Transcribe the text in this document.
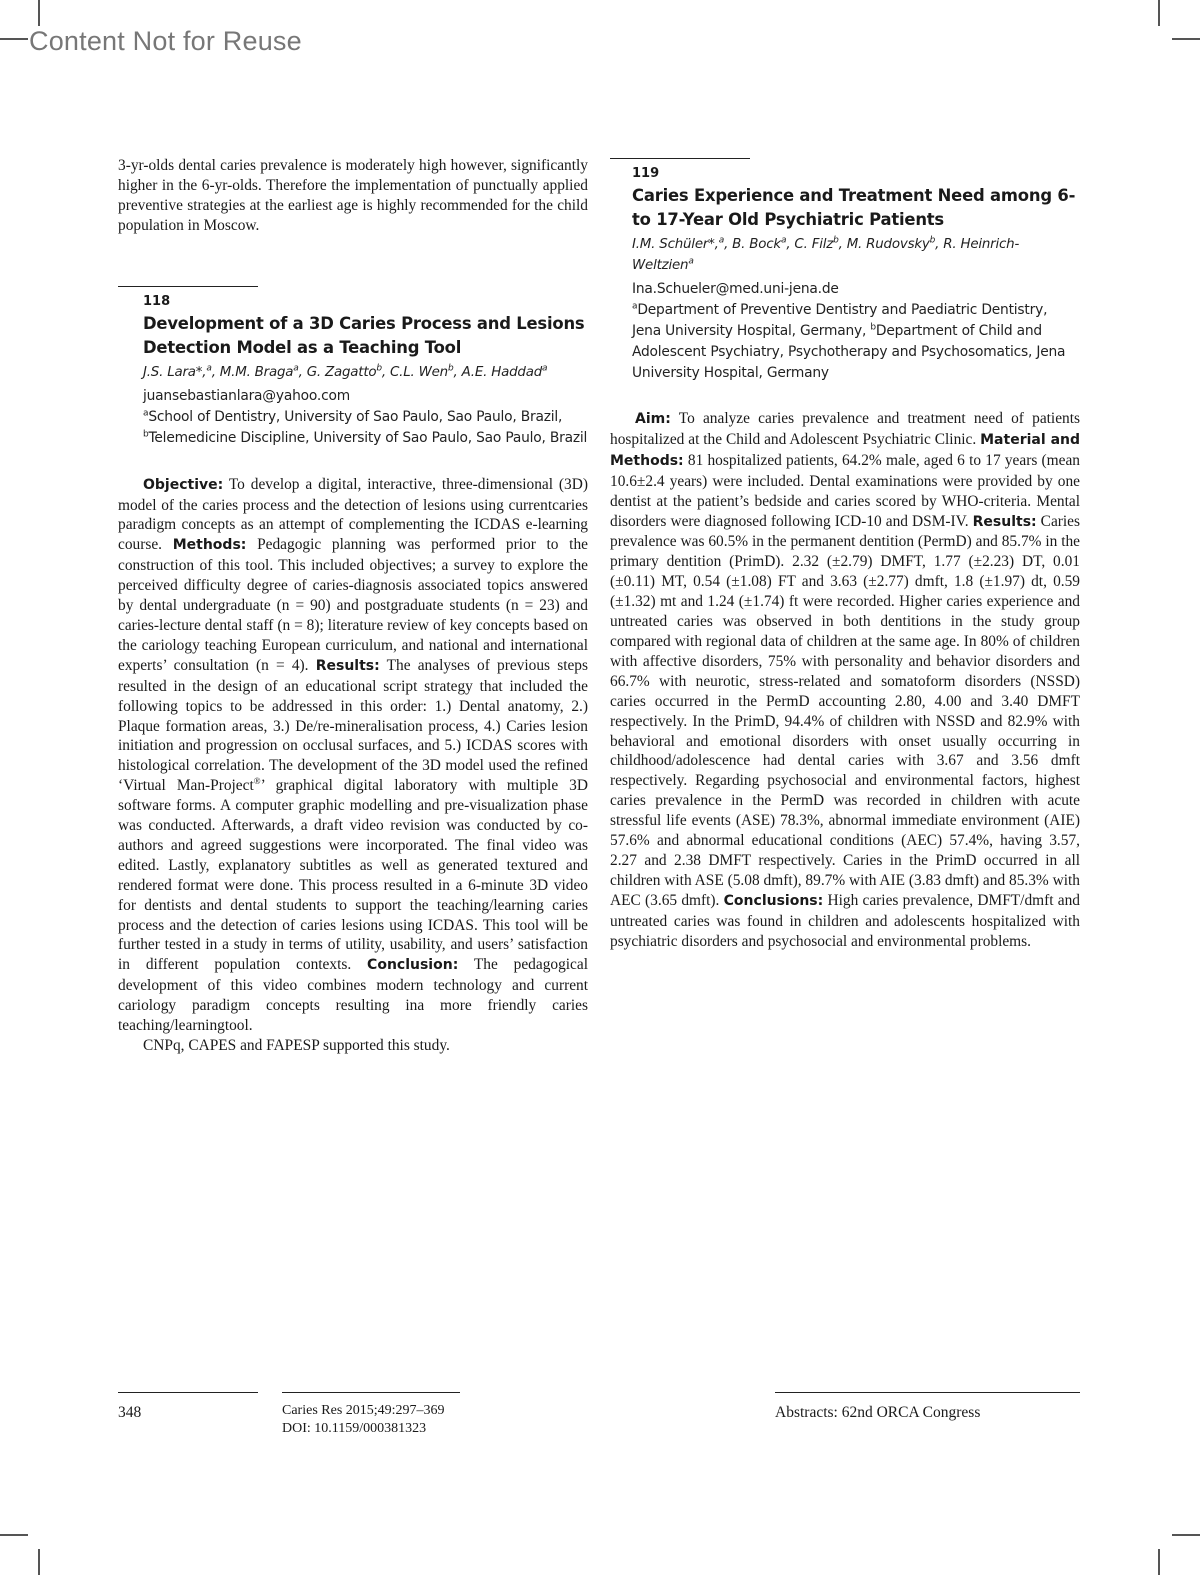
Content Not for Reuse

3-yr-olds dental caries prevalence is moderately high however, significantly higher in the 6-yr-olds. Therefore the implementation of punctually applied preventive strategies at the earliest age is highly recommended for the child population in Moscow.

118

Development of a 3D Caries Process and Lesions Detection Model as a Teaching Tool

J.S. Lara*,$^a$, M.M. Braga$^a$, G. Zagatto$^b$, C.L. Wen$^b$, A.E. Haddad$^a$

juansebastianlara@yahoo.com

$^a$School of Dentistry, University of Sao Paulo, Sao Paulo, Brazil,
$^b$Telemedicine Discipline, University of Sao Paulo, Sao Paulo, Brazil

Objective: To develop a digital, interactive, three-dimensional (3D) model of the caries process and the detection of lesions using currentcaries paradigm concepts as an attempt of complementing the ICDAS e-learning course. Methods: Pedagogic planning was performed prior to the construction of this tool. This included objectives; a survey to explore the perceived difficulty degree of caries-diagnosis associated topics answered by dental undergraduate (n = 90) and postgraduate students (n = 23) and caries-lecture dental staff (n = 8); literature review of key concepts based on the cariology teaching European curriculum, and national and international experts’ consultation (n = 4). Results: The analyses of previous steps resulted in the design of an educational script strategy that included the following topics to be addressed in this order: 1.) Dental anatomy, 2.) Plaque formation areas, 3.) De/re-mineralisation process, 4.) Caries lesion initiation and progression on occlusal surfaces, and 5.) ICDAS scores with histological correlation. The development of the 3D model used the refined ‘Virtual Man-Project®’ graphical digital laboratory with multiple 3D software forms. A computer graphic modelling and pre-visualization phase was conducted. Afterwards, a draft video revision was conducted by co-authors and agreed suggestions were incorporated. The final video was edited. Lastly, explanatory subtitles as well as generated textured and rendered format were done. This process resulted in a 6-minute 3D video for dentists and dental students to support the teaching/learning caries process and the detection of caries lesions using ICDAS. This tool will be further tested in a study in terms of utility, usability, and users’ satisfaction in different population contexts. Conclusion: The pedagogical development of this video combines modern technology and current cariology paradigm concepts resulting ina more friendly caries teaching/learningtool.

CNPq, CAPES and FAPESP supported this study.

119

Caries Experience and Treatment Need among 6- to 17-Year Old Psychiatric Patients

I.M. Schüler*,$^a$, B. Bock$^a$, C. Filz$^b$, M. Rudovsky$^b$, R. Heinrich-Weltzien$^a$

Ina.Schueler@med.uni-jena.de

$^a$Department of Preventive Dentistry and Paediatric Dentistry, Jena University Hospital, Germany, $^b$Department of Child and Adolescent Psychiatry, Psychotherapy and Psychosomatics, Jena University Hospital, Germany

Aim: To analyze caries prevalence and treatment need of patients hospitalized at the Child and Adolescent Psychiatric Clinic. Material and Methods: 81 hospitalized patients, 64.2% male, aged 6 to 17 years (mean 10.6±2.4 years) were included. Dental examinations were provided by one dentist at the patient’s bedside and caries scored by WHO-criteria. Mental disorders were diagnosed following ICD-10 and DSM-IV. Results: Caries prevalence was 60.5% in the permanent dentition (PermD) and 85.7% in the primary dentition (PrimD). 2.32 (±2.79) DMFT, 1.77 (±2.23) DT, 0.01 (±0.11) MT, 0.54 (±1.08) FT and 3.63 (±2.77) dmft, 1.8 (±1.97) dt, 0.59 (±1.32) mt and 1.24 (±1.74) ft were recorded. Higher caries experience and untreated caries was observed in both dentitions in the study group compared with regional data of children at the same age. In 80% of children with affective disorders, 75% with personality and behavior disorders and 66.7% with neurotic, stress-related and somatoform disorders (NSSD) caries occurred in the PermD accounting 2.80, 4.00 and 3.40 DMFT respectively. In the PrimD, 94.4% of children with NSSD and 82.9% with behavioral and emotional disorders with onset usually occurring in childhood/adolescence had dental caries with 3.67 and 3.56 dmft respectively. Regarding psychosocial and environmental factors, highest caries prevalence in the PermD was recorded in children with acute stressful life events (ASE) 78.3%, abnormal immediate environment (AIE) 57.6% and abnormal educational conditions (AEC) 57.4%, having 3.57, 2.27 and 2.38 DMFT respectively. Caries in the PrimD occurred in all children with ASE (5.08 dmft), 89.7% with AIE (3.83 dmft) and 85.3% with AEC (3.65 dmft). Conclusions: High caries prevalence, DMFT/dmft and untreated caries was found in children and adolescents hospitalized with psychiatric disorders and psychosocial and environmental problems.

348	Caries Res 2015;49:297–369

DOI: 10.1159/000381323

Abstracts: 62nd ORCA Congress
